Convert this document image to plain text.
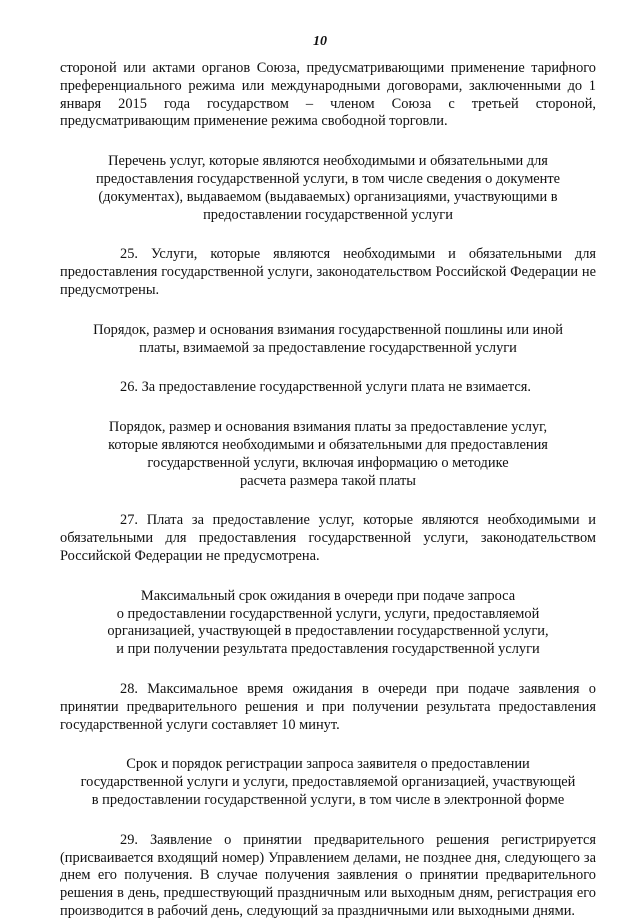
10

стороной или актами органов Союза, предусматривающими применение тарифного преференциального режима или международными договорами, заключенными до 1 января 2015 года государством – членом Союза с третьей стороной, предусматривающим применение режима свободной торговли.

Перечень услуг, которые являются необходимыми и обязательными для
предоставления государственной услуги, в том числе сведения о документе
(документах), выдаваемом (выдаваемых) организациями, участвующими в
предоставлении государственной услуги

25. Услуги, которые являются необходимыми и обязательными для предоставления государственной услуги, законодательством Российской Федерации не предусмотрены.

Порядок, размер и основания взимания государственной пошлины или иной
платы, взимаемой за предоставление государственной услуги

26. За предоставление государственной услуги плата не взимается.

Порядок, размер и основания взимания платы за предоставление услуг,
которые являются необходимыми и обязательными для предоставления
государственной услуги, включая информацию о методике
расчета размера такой платы

27. Плата за предоставление услуг, которые являются необходимыми и обязательными для предоставления государственной услуги, законодательством Российской Федерации не предусмотрена.

Максимальный срок ожидания в очереди при подаче запроса
о предоставлении государственной услуги, услуги, предоставляемой
организацией, участвующей в предоставлении государственной услуги,
и при получении результата предоставления государственной услуги

28. Максимальное время ожидания в очереди при подаче заявления о принятии предварительного решения и при получении результата предоставления государственной услуги составляет 10 минут.

Срок и порядок регистрации запроса заявителя о предоставлении
государственной услуги и услуги, предоставляемой организацией, участвующей
в предоставлении государственной услуги, в том числе в электронной форме

29. Заявление о принятии предварительного решения регистрируется (присваивается входящий номер) Управлением делами, не позднее дня, следующего за днем его получения. В случае получения заявления о принятии предварительного решения в день, предшествующий праздничным или выходным дням, регистрация его производится в рабочий день, следующий за праздничными или выходными днями.
